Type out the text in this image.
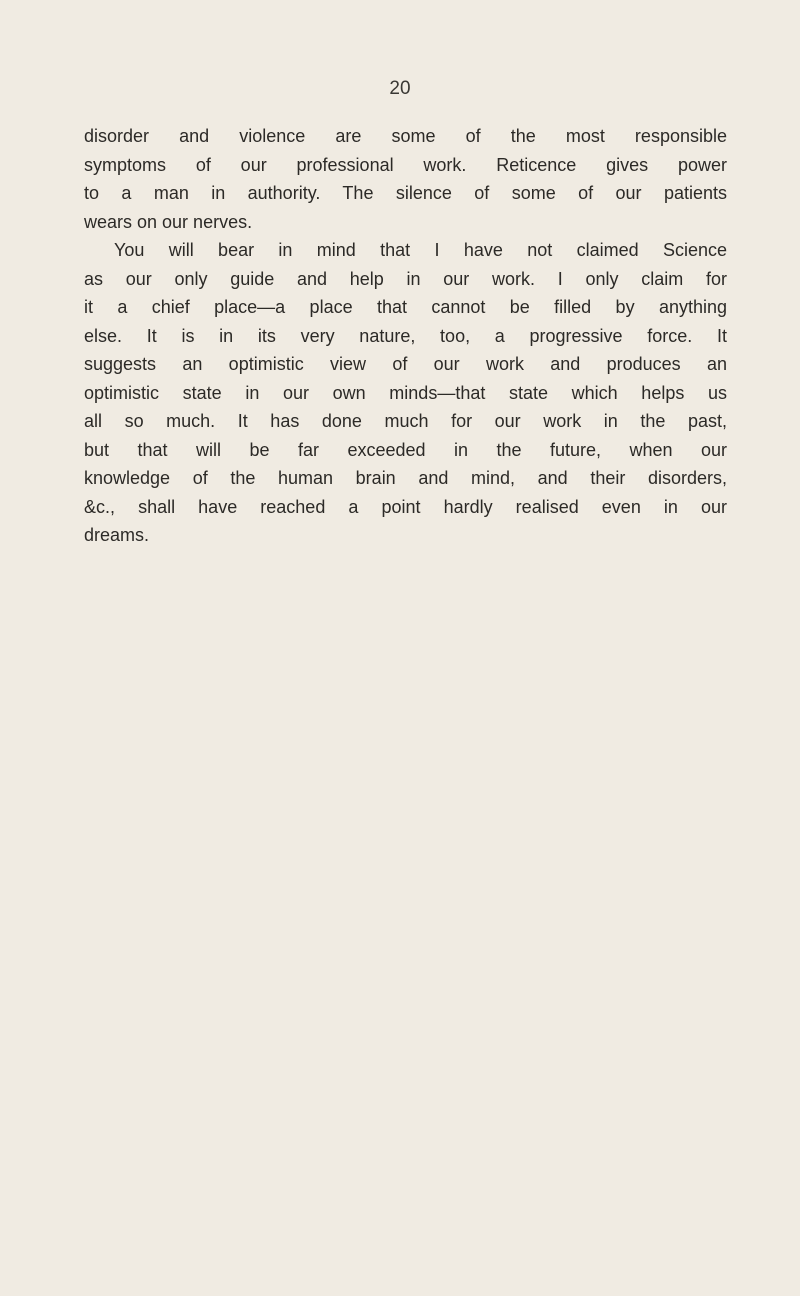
20
disorder and violence are some of the most responsible
symptoms of our professional work. Reticence gives power
to a man in authority. The silence of some of our patients
wears on our nerves.
You will bear in mind that I have not claimed Science
as our only guide and help in our work. I only claim for
it a chief place—a place that cannot be filled by anything
else. It is in its very nature, too, a progressive force. It
suggests an optimistic view of our work and produces an
optimistic state in our own minds—that state which helps us
all so much. It has done much for our work in the past,
but that will be far exceeded in the future, when our
knowledge of the human brain and mind, and their disorders,
&c., shall have reached a point hardly realised even in our
dreams.
